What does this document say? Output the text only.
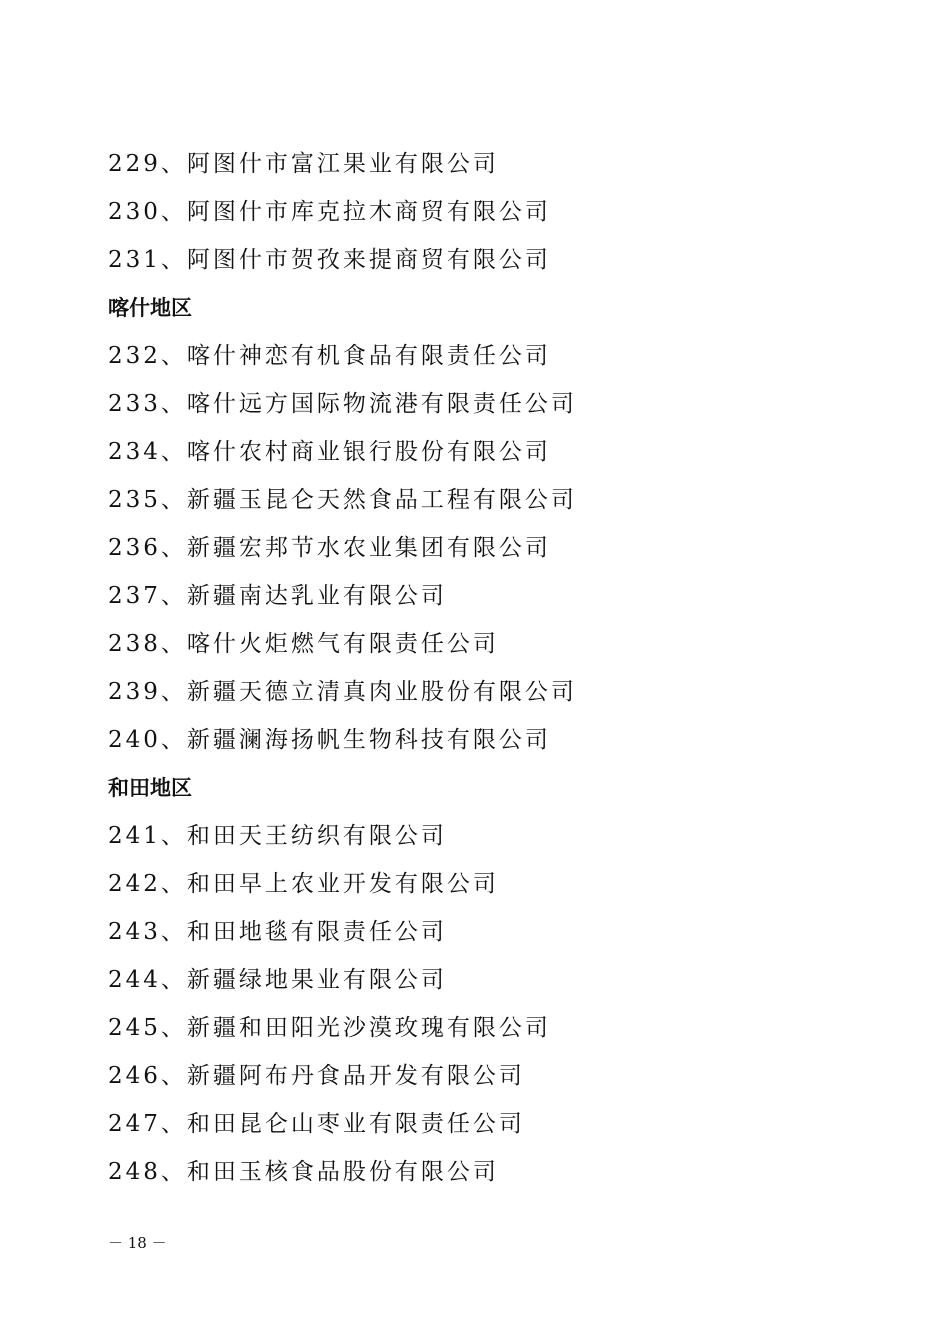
229、阿图什市富江果业有限公司
230、阿图什市库克拉木商贸有限公司
231、阿图什市贺孜来提商贸有限公司
喀什地区
232、喀什神恋有机食品有限责任公司
233、喀什远方国际物流港有限责任公司
234、喀什农村商业银行股份有限公司
235、新疆玉昆仑天然食品工程有限公司
236、新疆宏邦节水农业集团有限公司
237、新疆南达乳业有限公司
238、喀什火炬燃气有限责任公司
239、新疆天德立清真肉业股份有限公司
240、新疆澜海扬帆生物科技有限公司
和田地区
241、和田天王纺织有限公司
242、和田早上农业开发有限公司
243、和田地毯有限责任公司
244、新疆绿地果业有限公司
245、新疆和田阳光沙漠玫瑰有限公司
246、新疆阿布丹食品开发有限公司
247、和田昆仑山枣业有限责任公司
248、和田玉核食品股份有限公司
－ 18 －
